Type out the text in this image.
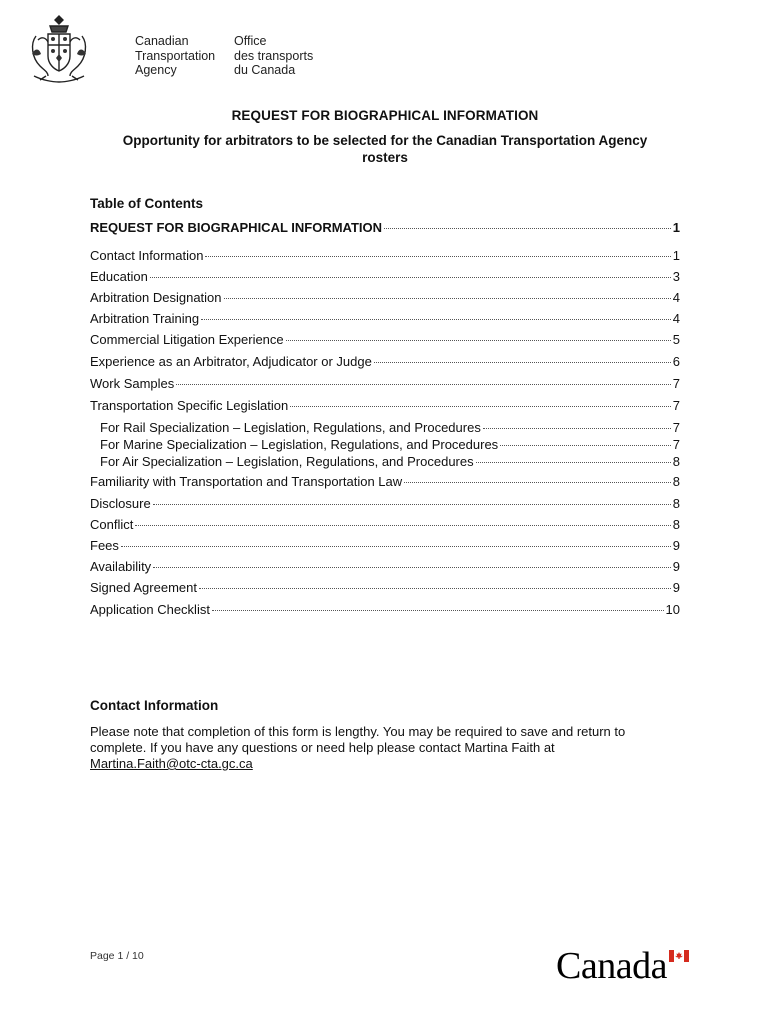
Canadian
Transportation
Agency
Office
des transports
du Canada
REQUEST FOR BIOGRAPHICAL INFORMATION
Opportunity for arbitrators to be selected for the Canadian Transportation Agency rosters
Table of Contents
REQUEST FOR BIOGRAPHICAL INFORMATION	1
Contact Information	1
Education	3
Arbitration Designation	4
Arbitration Training	4
Commercial Litigation Experience	5
Experience as an Arbitrator, Adjudicator or Judge	6
Work Samples	7
Transportation Specific Legislation	7
For Rail Specialization – Legislation, Regulations, and Procedures	7
For Marine Specialization – Legislation, Regulations, and Procedures	7
For Air Specialization – Legislation, Regulations, and Procedures	8
Familiarity with Transportation and Transportation Law	8
Disclosure	8
Conflict	8
Fees	9
Availability	9
Signed Agreement	9
Application Checklist	10
Contact Information
Please note that completion of this form is lengthy. You may be required to save and return to complete. If you have any questions or need help please contact Martina Faith at
Martina.Faith@otc-cta.gc.ca
Page 1 / 10	Canada
